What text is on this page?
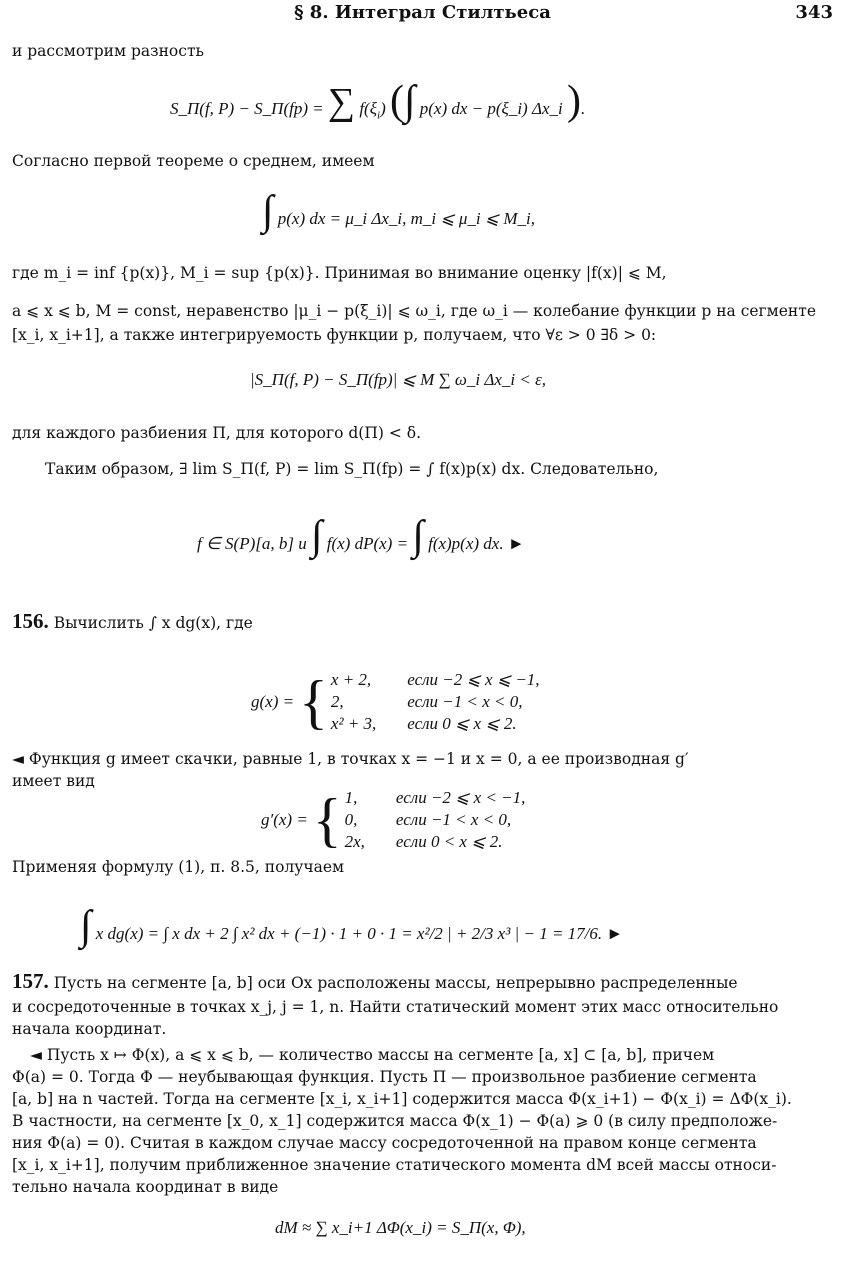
§ 8. Интеграл Стилтьеса	343
и рассмотрим разность
S_Π(f, P) − S_Π(fp) = ∑ $f(\xi_i)$ (∫ p(x) dx − p(ξ_i) Δx_i ).
Согласно первой теореме о среднем, имеем
∫ p(x) dx = μ_i Δx_i, m_i ⩽ μ_i ⩽ M_i,
где m_i = inf {p(x)}, M_i = sup {p(x)}. Принимая во внимание оценку |f(x)| ⩽ M,
a ⩽ x ⩽ b, M = const, неравенство |μ_i − p(ξ_i)| ⩽ ω_i, где ω_i — колебание функции p на сегменте
[x_i, x_i+1], а также интегрируемость функции p, получаем, что ∀ε > 0 ∃δ > 0:
|S_Π(f, P) − S_Π(fp)| ⩽ M ∑ ω_i Δx_i < ε,
для каждого разбиения Π, для которого d(Π) < δ.
Таким образом, ∃ lim S_Π(f, P) = lim S_Π(fp) = ∫ f(x)p(x) dx. Следовательно,
f ∈ S(P)[a, b] и ∫ f(x) dP(x) = ∫ f(x)p(x) dx. ►
156. Вычислить ∫ x dg(x), где
g(x) =	{	x + 2,	если −2 ⩽ x ⩽ −1,
2,	если −1 < x < 0,
x² + 3,	если 0 ⩽ x ⩽ 2.
◄ Функция g имеет скачки, равные 1, в точках x = −1 и x = 0, а ее производная g′
имеет вид
g′(x) =	{	1,	если −2 ⩽ x < −1,
0,	если −1 < x < 0,
2x,	если 0 < x ⩽ 2.
Применяя формулу (1), п. 8.5, получаем
∫ x dg(x) = ∫ x dx + 2 ∫ x² dx + (−1) · 1 + 0 · 1 = x²/2 | + 2/3 x³ | − 1 = 17/6. ►
157. Пусть на сегменте [a, b] оси Ox расположены массы, непрерывно распределенные
и сосредоточенные в точках x_j, j = 1, n. Найти статический момент этих масс относительно
начала координат.
◄ Пусть x ↦ Φ(x), a ⩽ x ⩽ b, — количество массы на сегменте [a, x] ⊂ [a, b], причем
Φ(a) = 0. Тогда Φ — неубывающая функция. Пусть Π — произвольное разбиение сегмента
[a, b] на n частей. Тогда на сегменте [x_i, x_i+1] содержится масса Φ(x_i+1) − Φ(x_i) = ΔΦ(x_i).
В частности, на сегменте [x_0, x_1] содержится масса Φ(x_1) − Φ(a) ⩾ 0 (в силу предположе-
ния Φ(a) = 0). Считая в каждом случае массу сосредоточенной на правом конце сегмента
[x_i, x_i+1], получим приближенное значение статического момента dM всей массы относи-
тельно начала координат в виде
dM ≈ ∑ x_i+1 ΔΦ(x_i) = S_Π(x, Φ),
